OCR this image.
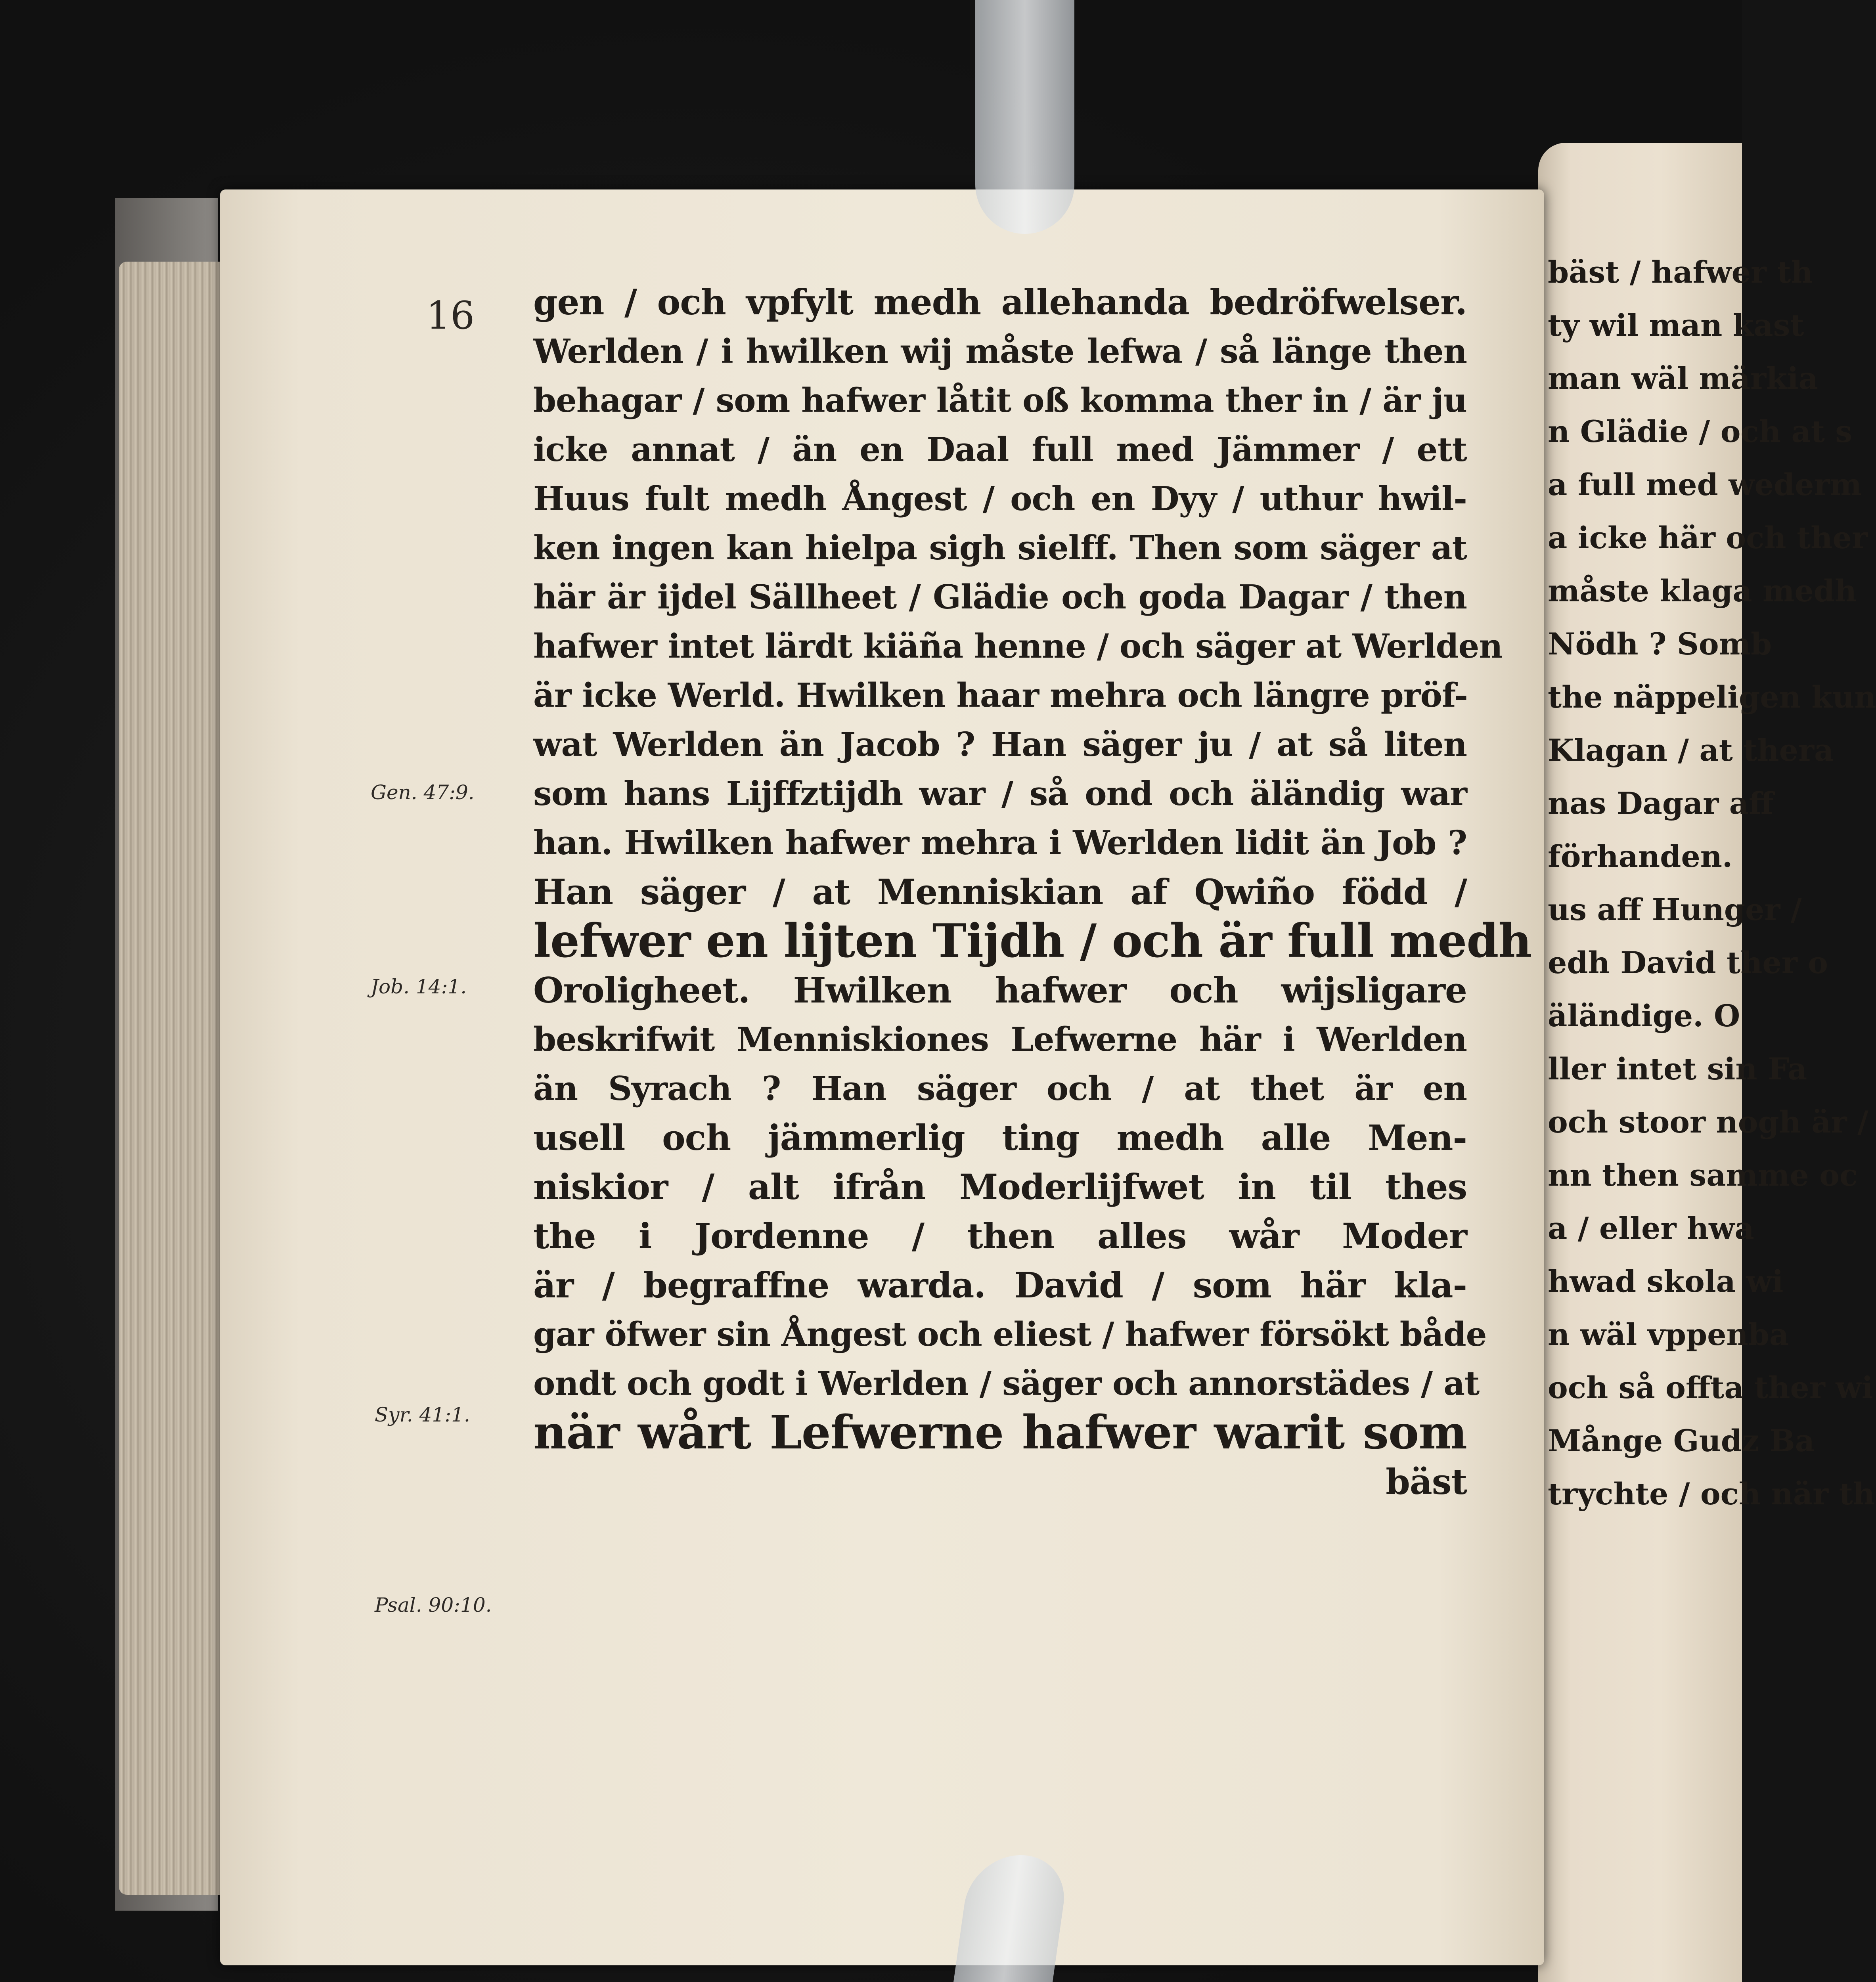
bäst / hafwer th
ty wil man kast
man wäl märkia
n Glädie / och at s
a full med wederm
a icke här och ther
måste klaga medh
Nödh ? Somb
the näppeligen kun
Klagan / at thera
nas Dagar aff
förhanden.
us aff Hunger /
edh David ther o
äländige. O
ller intet sin Fa
och stoor nogh är /
nn then samme oc
a / eller hwa
hwad skola wi
n wäl vppenba
och så offta ther wi
Månge Gudz Ba
trychte / och när th
16
Gen. 47:9.
Job. 14:1.
Syr. 41:1.
Psal. 90:10.
gen / och vpfylt medh allehanda bedröfwelser.
Werlden / i hwilken wij måste lefwa / så länge then
behagar / som hafwer låtit oß komma ther in / är ju
icke annat / än en Daal full med Jämmer / ett
Huus fult medh Ångest / och en Dyy / uthur hwil-
ken ingen kan hielpa sigh sielff. Then som säger at
här är ijdel Sällheet / Glädie och goda Dagar / then
hafwer intet lärdt kiäña henne / och säger at Werlden
är icke Werld. Hwilken haar mehra och längre pröf-
wat Werlden än Jacob ? Han säger ju / at så liten
som hans Lijffztijdh war / så ond och äländig war
han. Hwilken hafwer mehra i Werlden lidit än Job ?
Han säger / at Menniskian af Qwiño född /
lefwer en lijten Tijdh / och är full medh
Oroligheet. Hwilken hafwer och wijsligare
beskrifwit Menniskiones Lefwerne här i Werlden
än Syrach ? Han säger och / at thet är en
usell och jämmerlig ting medh alle Men-
niskior / alt ifrån Moderlijfwet in til thes
the i Jordenne / then alles wår Moder
är / begraffne warda. David / som här kla-
gar öfwer sin Ångest och eliest / hafwer försökt både
ondt och godt i Werlden / säger och annorstädes / at
när wårt Lefwerne hafwer warit som
bäst
